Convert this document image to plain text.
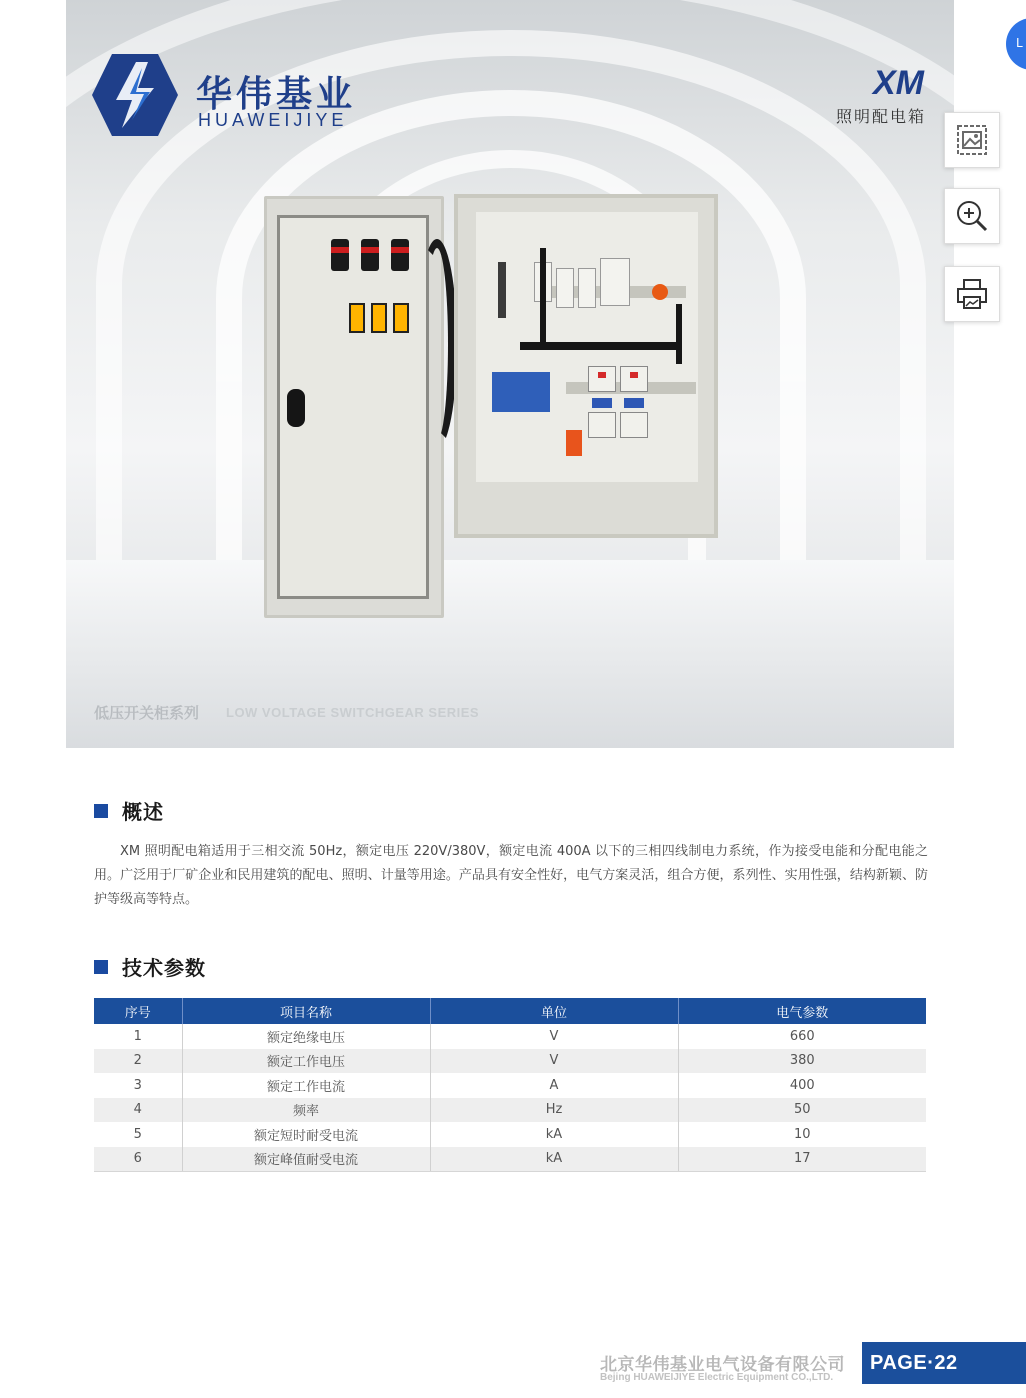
华伟基业
HUAWEIJIYE
XM
照明配电箱
低压开关柜系列 LOW VOLTAGE SWITCHGEAR SERIES
L
概述

XM 照明配电箱适用于三相交流 50Hz，额定电压 220V/380V，额定电流 400A 以下的三相四线制电力系统，作为接受电能和分配电能之用。广泛用于厂矿企业和民用建筑的配电、照明、计量等用途。产品具有安全性好，电气方案灵活，组合方便，系列性、实用性强，结构新颖、防护等级高等特点。

技术参数
序号	项目名称	单位	电气参数
1	额定绝缘电压	V	660
2	额定工作电压	V	380
3	额定工作电流	A	400
4	频率	Hz	50
5	额定短时耐受电流	kA	10
6	额定峰值耐受电流	kA	17
北京华伟基业电气设备有限公司
Bejing HUAWEIJIYE Electric Equipment CO.,LTD.
PAGE·22
